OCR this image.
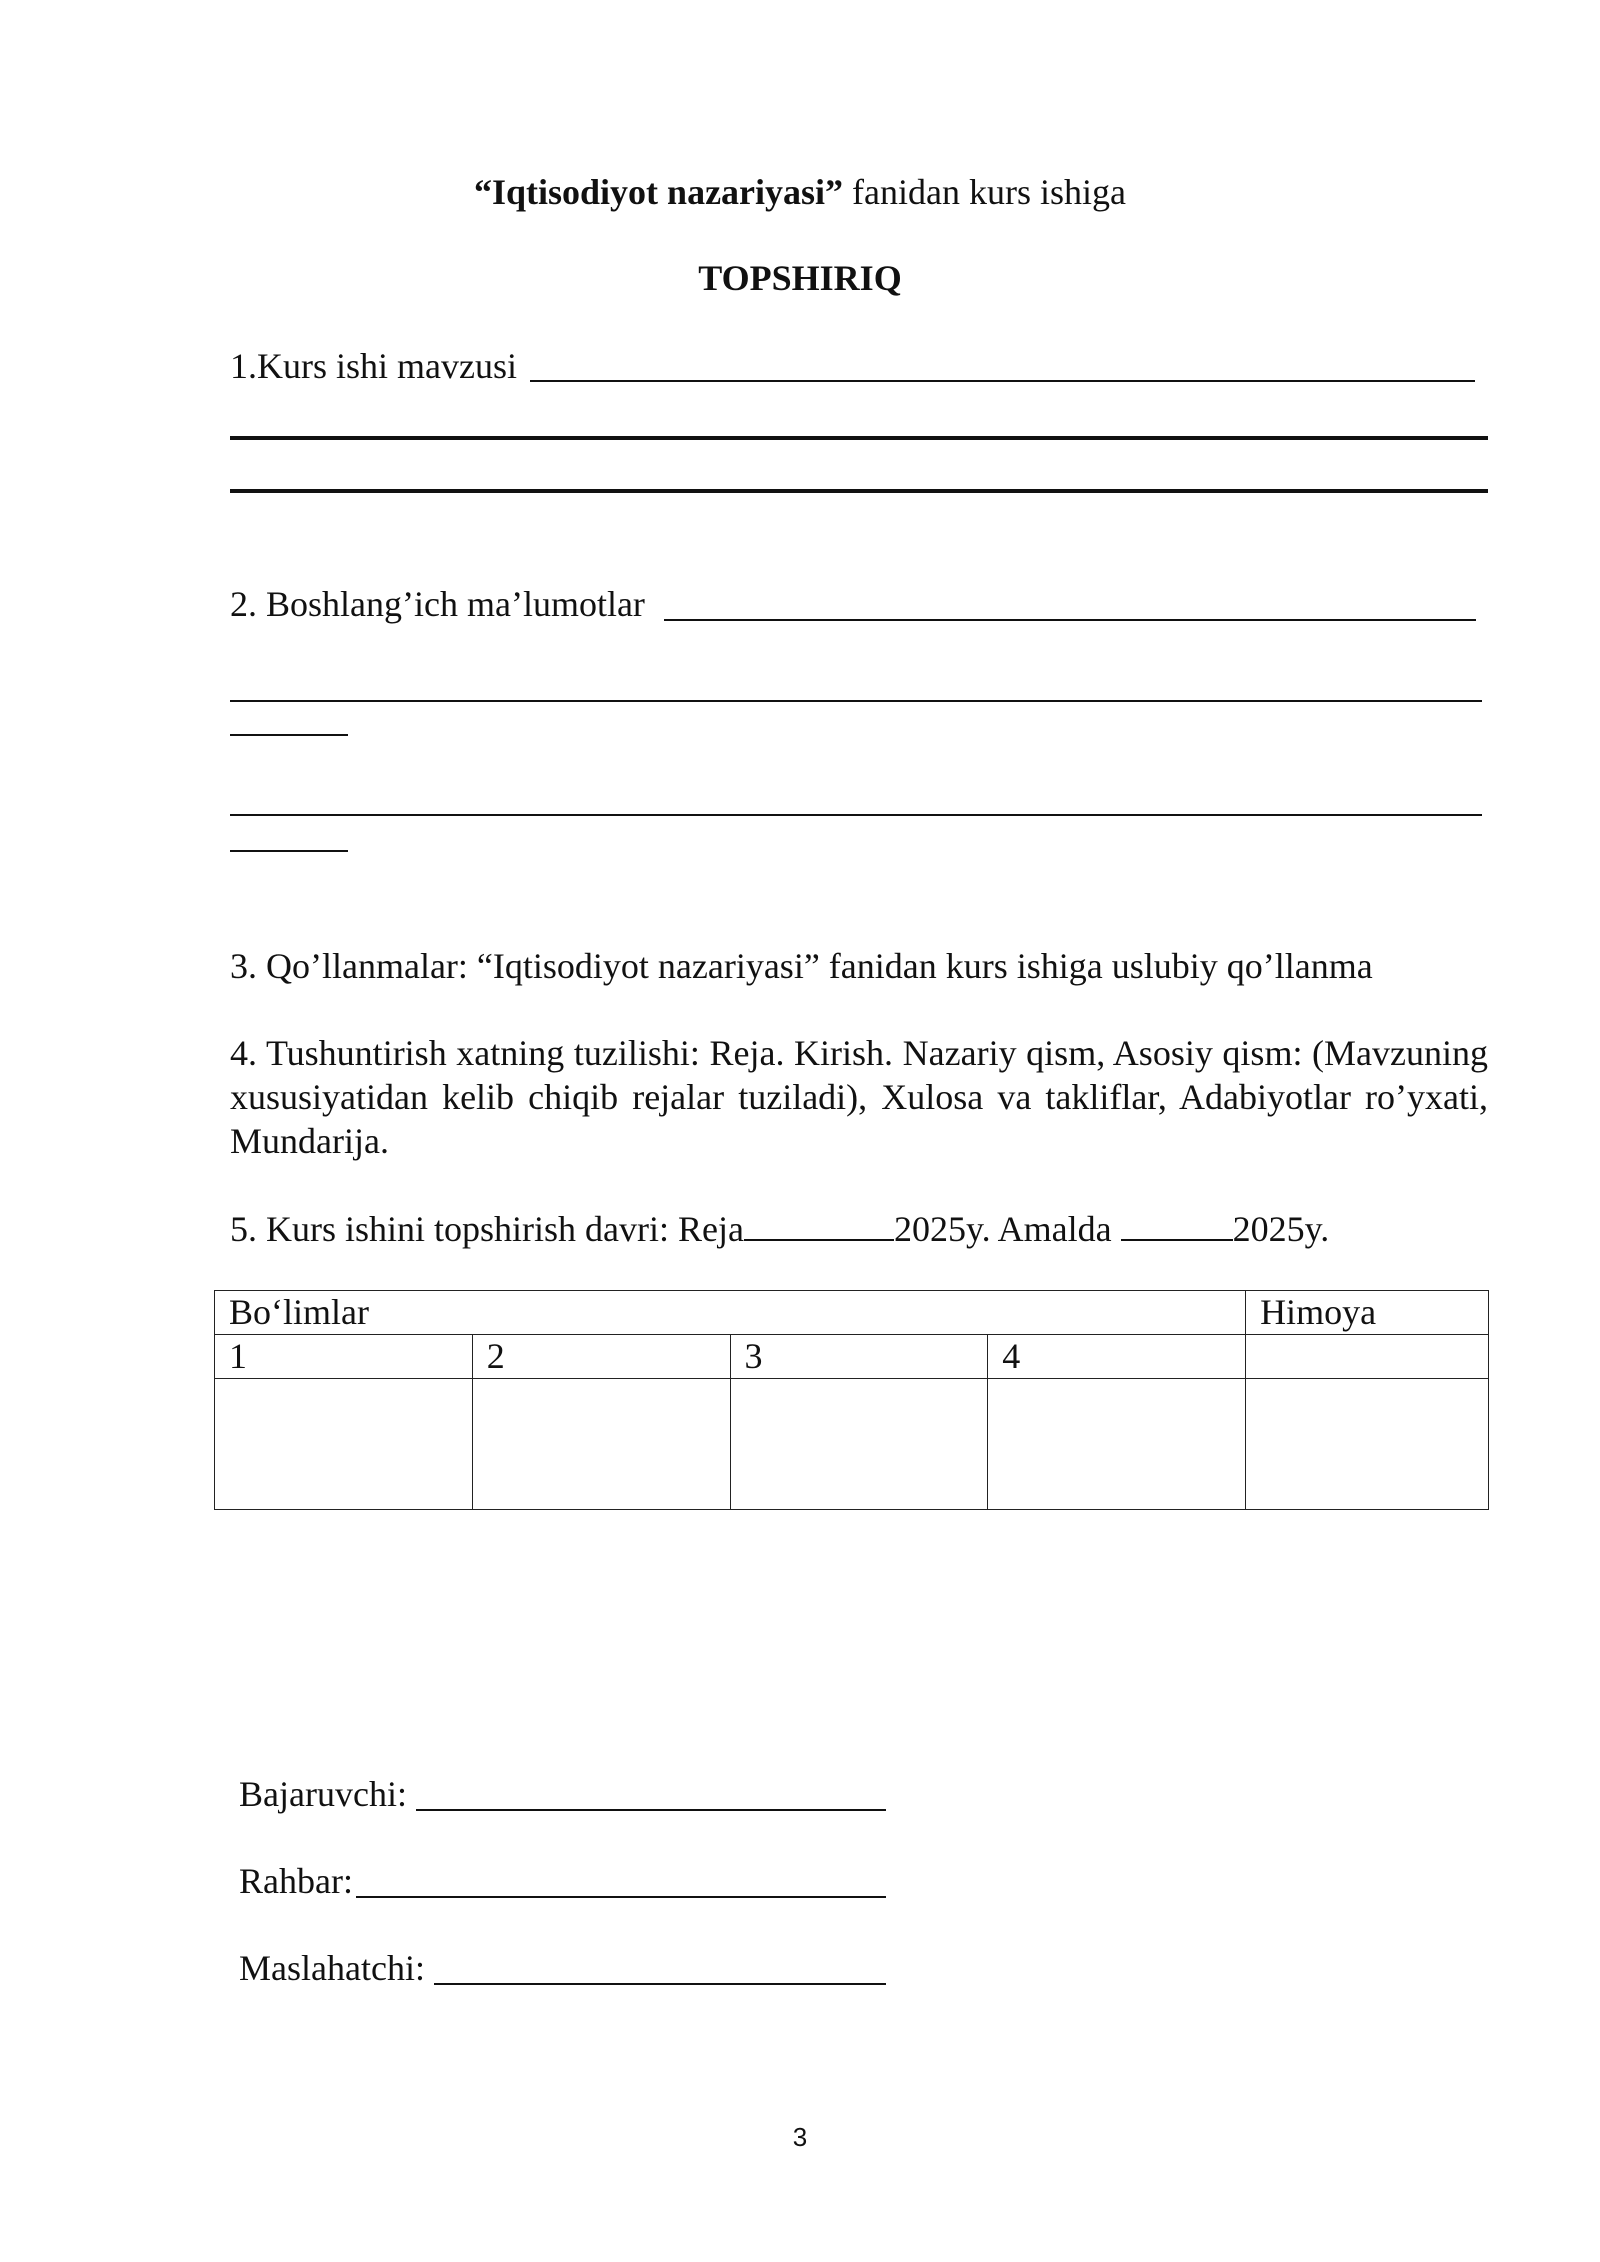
“Iqtisodiyot nazariyasi” fanidan kurs ishiga
TOPSHIRIQ
1.Kurs ishi mavzusi
2. Boshlang’ich ma’lumotlar
3. Qo’llanmalar: “Iqtisodiyot nazariyasi” fanidan kurs ishiga uslubiy qo’llanma
4. Tushuntirish xatning tuzilishi: Reja. Kirish. Nazariy qism, Asosiy qism: (Mavzuning xususiyatidan kelib chiqib rejalar tuziladi), Xulosa va takliflar, Adabiyotlar ro’yxati, Mundarija.
5. Kurs ishini topshirish davri: Reja	2025y. Amalda	2025y.
Bo‘limlar				Himoya
1	2	3	4	

Bajaruvchi:
Rahbar:
Maslahatchi:
3
